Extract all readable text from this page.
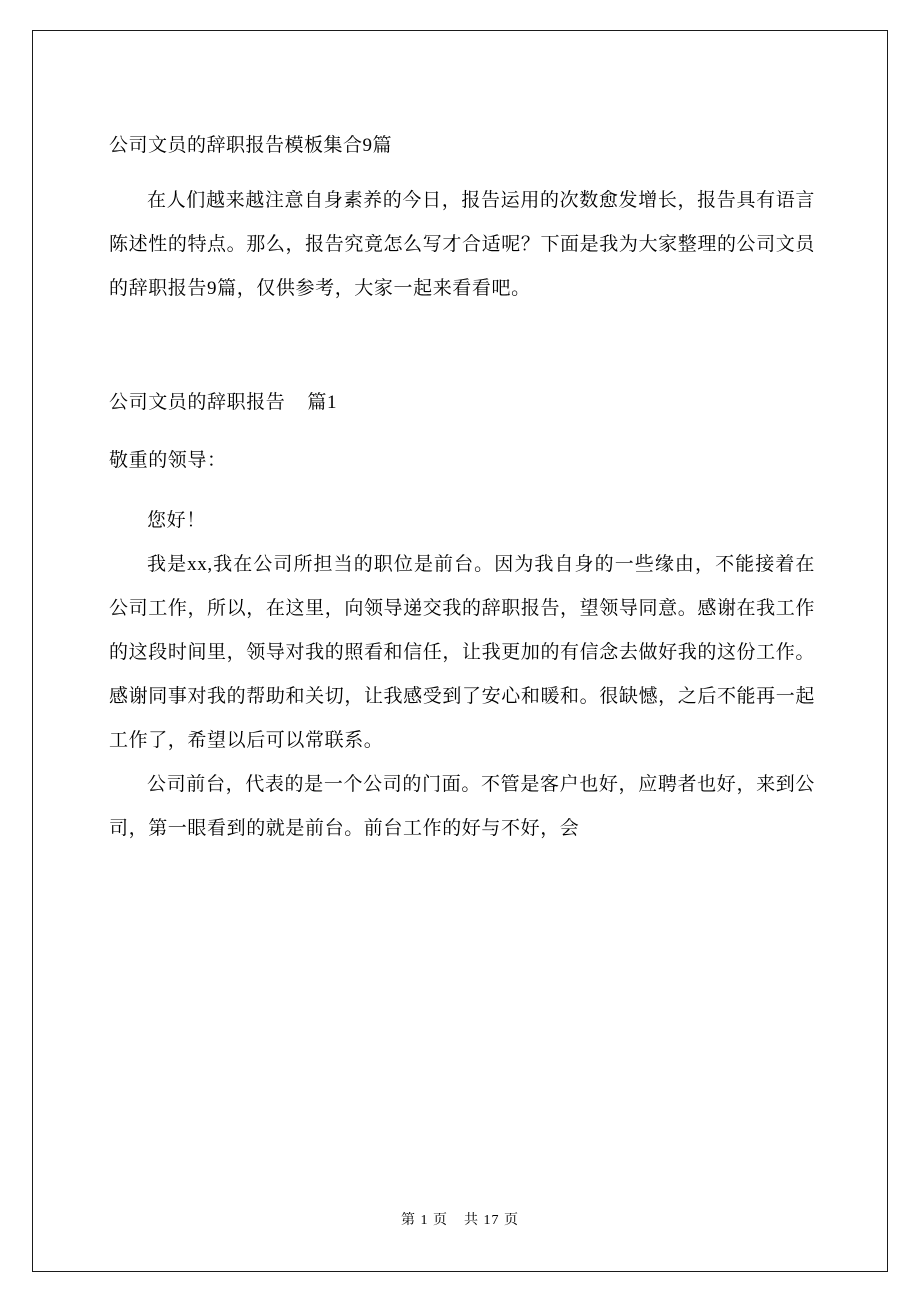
公司文员的辞职报告模板集合9篇

在人们越来越注意自身素养的今日，报告运用的次数愈发增长，报告具有语言陈述性的特点。那么，报告究竟怎么写才合适呢？下面是我为大家整理的公司文员的辞职报告9篇，仅供参考，大家一起来看看吧。

公司文员的辞职报告 篇1

敬重的领导：

您好！

我是xx,我在公司所担当的职位是前台。因为我自身的一些缘由，不能接着在公司工作，所以，在这里，向领导递交我的辞职报告，望领导同意。感谢在我工作的这段时间里，领导对我的照看和信任，让我更加的有信念去做好我的这份工作。感谢同事对我的帮助和关切，让我感受到了安心和暖和。很缺憾，之后不能再一起工作了，希望以后可以常联系。

公司前台，代表的是一个公司的门面。不管是客户也好，应聘者也好，来到公司，第一眼看到的就是前台。前台工作的好与不好，会

第 1 页 共 17 页
